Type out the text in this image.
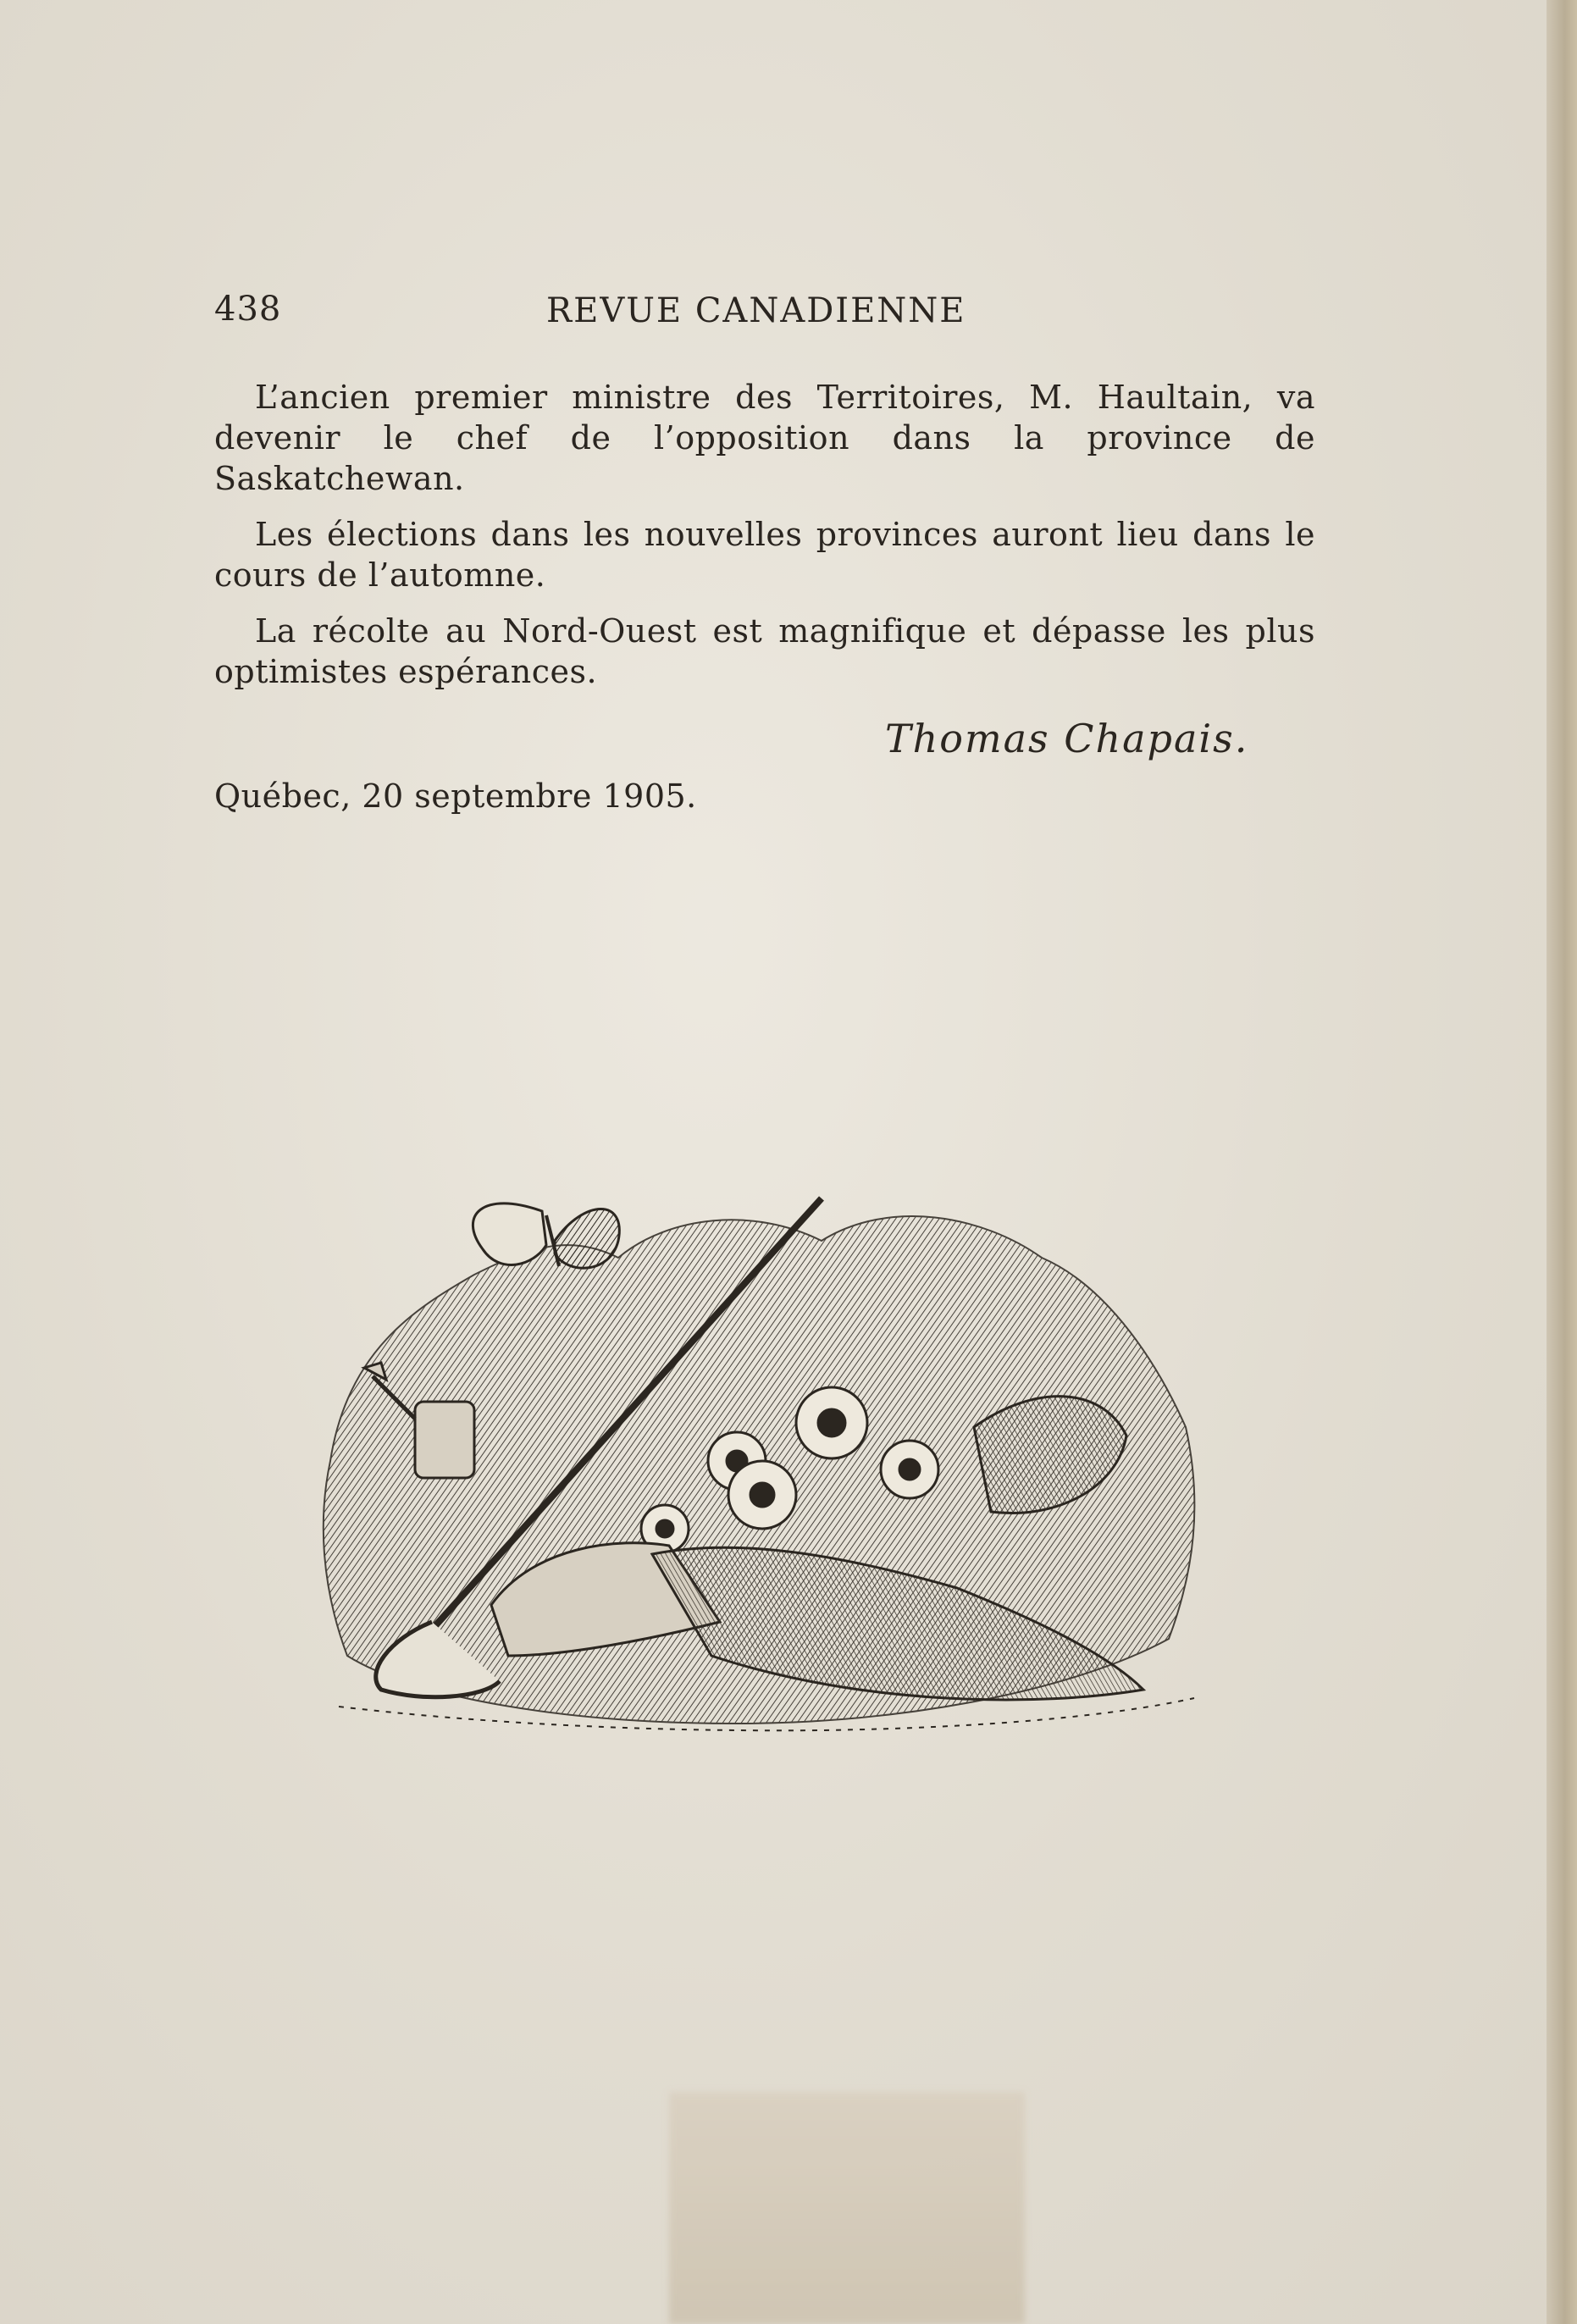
438	REVUE CANADIENNE

L’ancien premier ministre des Territoires, M. Haultain, va devenir le chef de l’opposition dans la province de Saskatchewan.

Les élections dans les nouvelles provinces auront lieu dans le cours de l’automne.

La récolte au Nord-Ouest est magnifique et dépasse les plus optimistes espérances.

Thomas Chapais.
Québec, 20 septembre 1905.
